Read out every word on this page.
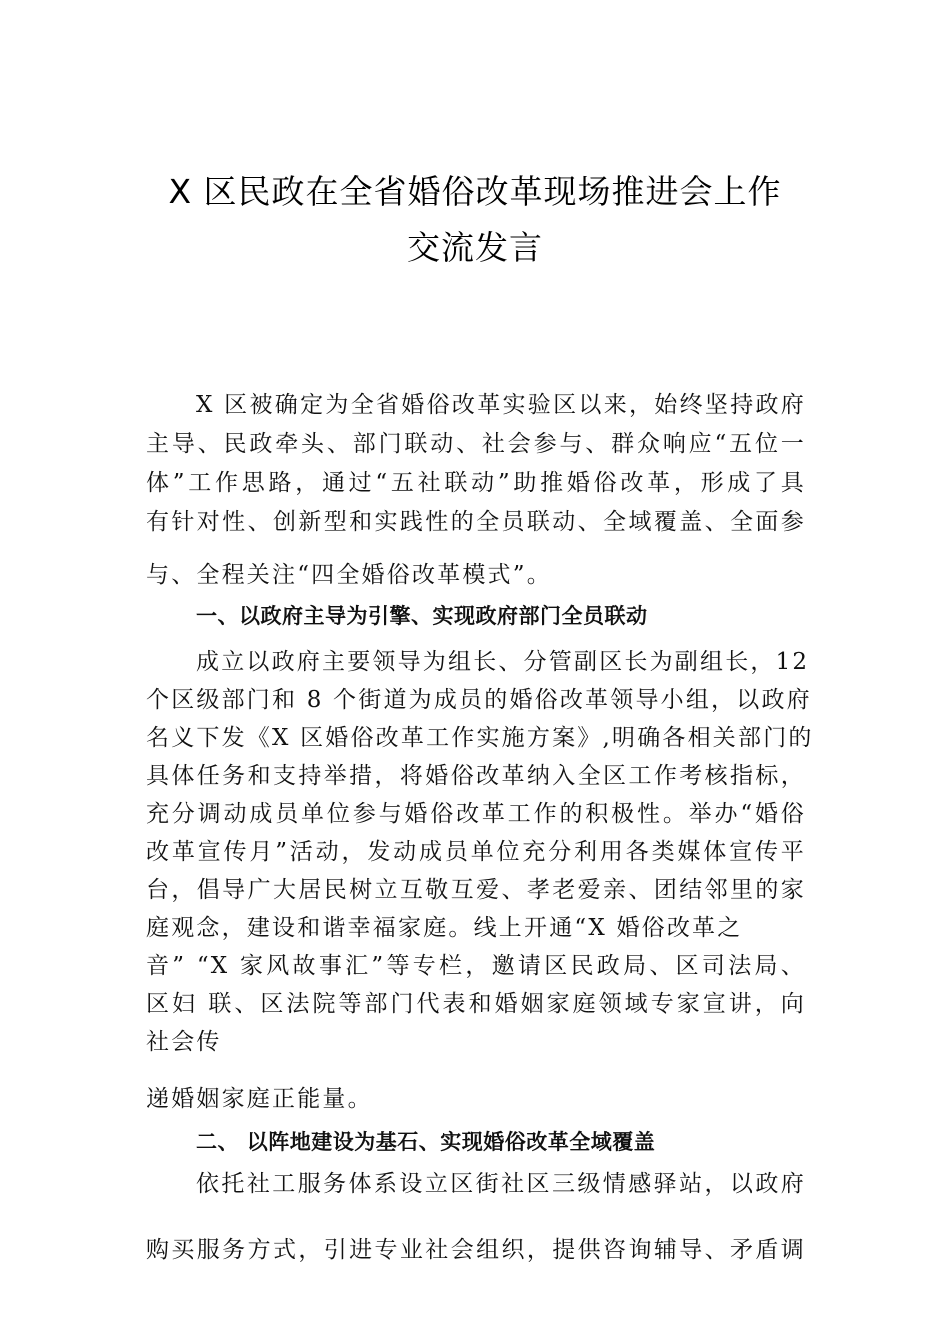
X 区民政在全省婚俗改革现场推进会上作
交流发言
X 区被确定为全省婚俗改革实验区以来，始终坚持政府
主导、民政牵头、部门联动、社会参与、群众响应“五位一
体”工作思路，通过“五社联动”助推婚俗改革，形成了具
有针对性、创新型和实践性的全员联动、全域覆盖、全面参
与、全程关注“四全婚俗改革模式”。
一、以政府主导为引擎、实现政府部门全员联动
成立以政府主要领导为组长、分管副区长为副组长，12
个区级部门和 8 个街道为成员的婚俗改革领导小组，以政府
名义下发《X 区婚俗改革工作实施方案》,明确各相关部门的
具体任务和支持举措，将婚俗改革纳入全区工作考核指标，
充分调动成员单位参与婚俗改革工作的积极性。举办“婚俗
改革宣传月”活动，发动成员单位充分利用各类媒体宣传平
台，倡导广大居民树立互敬互爱、孝老爱亲、团结邻里的家
庭观念，建设和谐幸福家庭。线上开通“X 婚俗改革之
音” “X 家风故事汇”等专栏，邀请区民政局、区司法局、
区妇 联、区法院等部门代表和婚姻家庭领域专家宣讲，向
社会传
递婚姻家庭正能量。
二、 以阵地建设为基石、实现婚俗改革全域覆盖
依托社工服务体系设立区街社区三级情感驿站，以政府
购买服务方式，引进专业社会组织，提供咨询辅导、矛盾调
